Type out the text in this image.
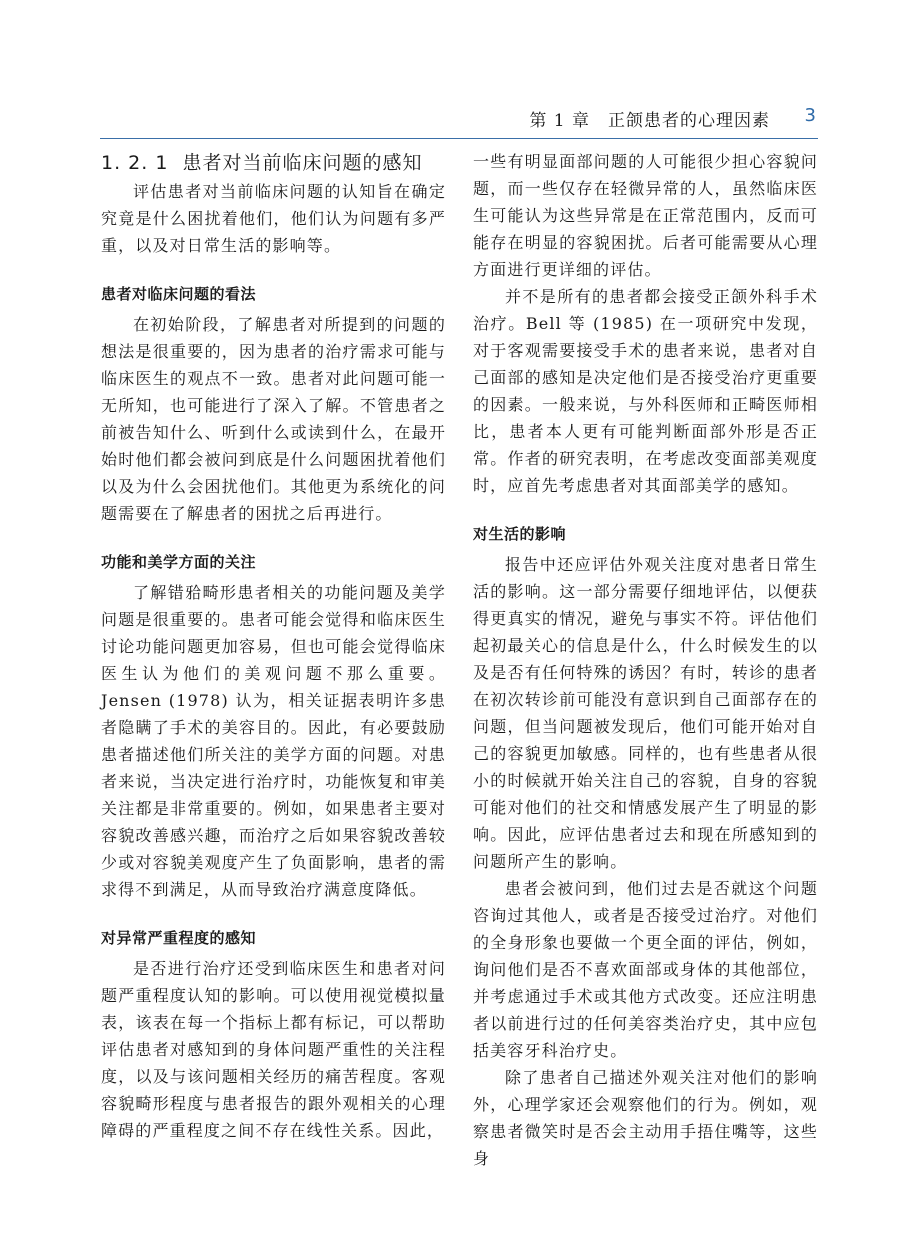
第 1 章　正颌患者的心理因素 3
1. 2. 1 患者对当前临床问题的感知

评估患者对当前临床问题的认知旨在确定究竟是什么困扰着他们，他们认为问题有多严重，以及对日常生活的影响等。

患者对临床问题的看法

在初始阶段，了解患者对所提到的问题的想法是很重要的，因为患者的治疗需求可能与临床医生的观点不一致。患者对此问题可能一无所知，也可能进行了深入了解。不管患者之前被告知什么、听到什么或读到什么，在最开始时他们都会被问到底是什么问题困扰着他们以及为什么会困扰他们。其他更为系统化的问题需要在了解患者的困扰之后再进行。

功能和美学方面的关注

了解错𬌗畸形患者相关的功能问题及美学问题是很重要的。患者可能会觉得和临床医生讨论功能问题更加容易，但也可能会觉得临床医生认为他们的美观问题不那么重要。Jensen (1978) 认为，相关证据表明许多患者隐瞒了手术的美容目的。因此，有必要鼓励患者描述他们所关注的美学方面的问题。对患者来说，当决定进行治疗时，功能恢复和审美关注都是非常重要的。例如，如果患者主要对容貌改善感兴趣，而治疗之后如果容貌改善较少或对容貌美观度产生了负面影响，患者的需求得不到满足，从而导致治疗满意度降低。

对异常严重程度的感知

是否进行治疗还受到临床医生和患者对问题严重程度认知的影响。可以使用视觉模拟量表，该表在每一个指标上都有标记，可以帮助评估患者对感知到的身体问题严重性的关注程度，以及与该问题相关经历的痛苦程度。客观容貌畸形程度与患者报告的跟外观相关的心理障碍的严重程度之间不存在线性关系。因此，

一些有明显面部问题的人可能很少担心容貌问题，而一些仅存在轻微异常的人，虽然临床医生可能认为这些异常是在正常范围内，反而可能存在明显的容貌困扰。后者可能需要从心理方面进行更详细的评估。

并不是所有的患者都会接受正颌外科手术治疗。Bell 等 (1985) 在一项研究中发现，对于客观需要接受手术的患者来说，患者对自己面部的感知是决定他们是否接受治疗更重要的因素。一般来说，与外科医师和正畸医师相比，患者本人更有可能判断面部外形是否正常。作者的研究表明，在考虑改变面部美观度时，应首先考虑患者对其面部美学的感知。

对生活的影响

报告中还应评估外观关注度对患者日常生活的影响。这一部分需要仔细地评估，以便获得更真实的情况，避免与事实不符。评估他们起初最关心的信息是什么，什么时候发生的以及是否有任何特殊的诱因？有时，转诊的患者在初次转诊前可能没有意识到自己面部存在的问题，但当问题被发现后，他们可能开始对自己的容貌更加敏感。同样的，也有些患者从很小的时候就开始关注自己的容貌，自身的容貌可能对他们的社交和情感发展产生了明显的影响。因此，应评估患者过去和现在所感知到的问题所产生的影响。

患者会被问到，他们过去是否就这个问题咨询过其他人，或者是否接受过治疗。对他们的全身形象也要做一个更全面的评估，例如，询问他们是否不喜欢面部或身体的其他部位，并考虑通过手术或其他方式改变。还应注明患者以前进行过的任何美容类治疗史，其中应包括美容牙科治疗史。

除了患者自己描述外观关注对他们的影响外，心理学家还会观察他们的行为。例如，观察患者微笑时是否会主动用手捂住嘴等，这些身
